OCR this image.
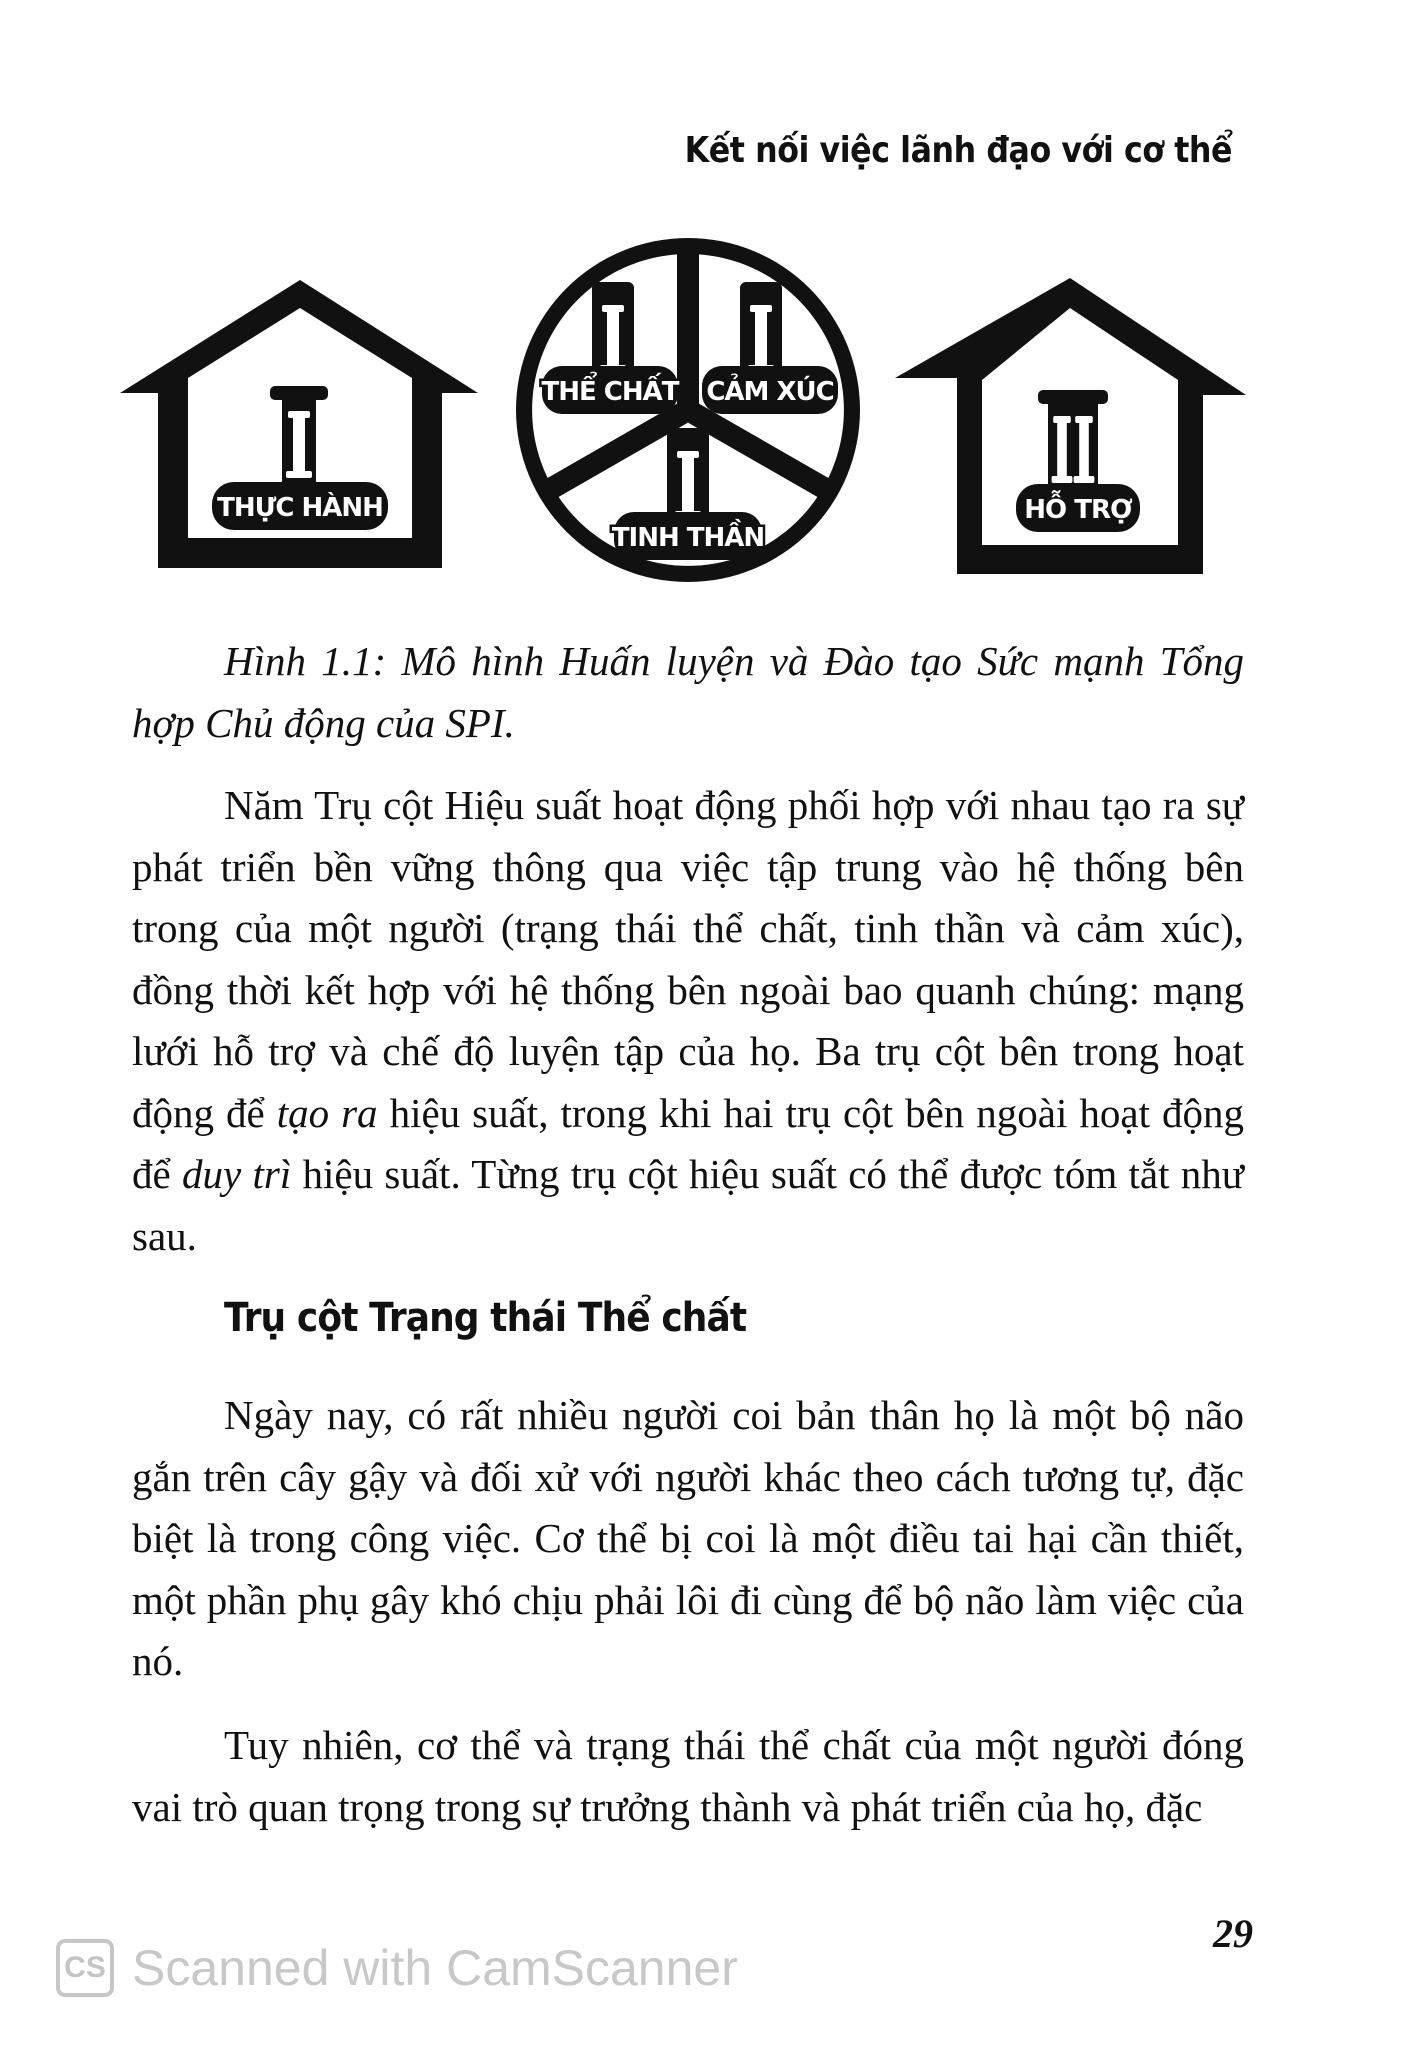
Kết nối việc lãnh đạo với cơ thể
THỰC HÀNH
THỂ CHẤT CẢM XÚC
TINH THẦN
HỖ TRỢ
Hình 1.1: Mô hình Huấn luyện và Đào tạo Sức mạnh Tổng hợp Chủ động của SPI.

Năm Trụ cột Hiệu suất hoạt động phối hợp với nhau tạo ra sự phát triển bền vững thông qua việc tập trung vào hệ thống bên trong của một người (trạng thái thể chất, tinh thần và cảm xúc), đồng thời kết hợp với hệ thống bên ngoài bao quanh chúng: mạng lưới hỗ trợ và chế độ luyện tập của họ. Ba trụ cột bên trong hoạt động để tạo ra hiệu suất, trong khi hai trụ cột bên ngoài hoạt động để duy trì hiệu suất. Từng trụ cột hiệu suất có thể được tóm tắt như sau.

Trụ cột Trạng thái Thể chất

Ngày nay, có rất nhiều người coi bản thân họ là một bộ não gắn trên cây gậy và đối xử với người khác theo cách tương tự, đặc biệt là trong công việc. Cơ thể bị coi là một điều tai hại cần thiết, một phần phụ gây khó chịu phải lôi đi cùng để bộ não làm việc của nó.

Tuy nhiên, cơ thể và trạng thái thể chất của một người đóng vai trò quan trọng trong sự trưởng thành và phát triển của họ, đặc

29
CS Scanned with CamScanner
